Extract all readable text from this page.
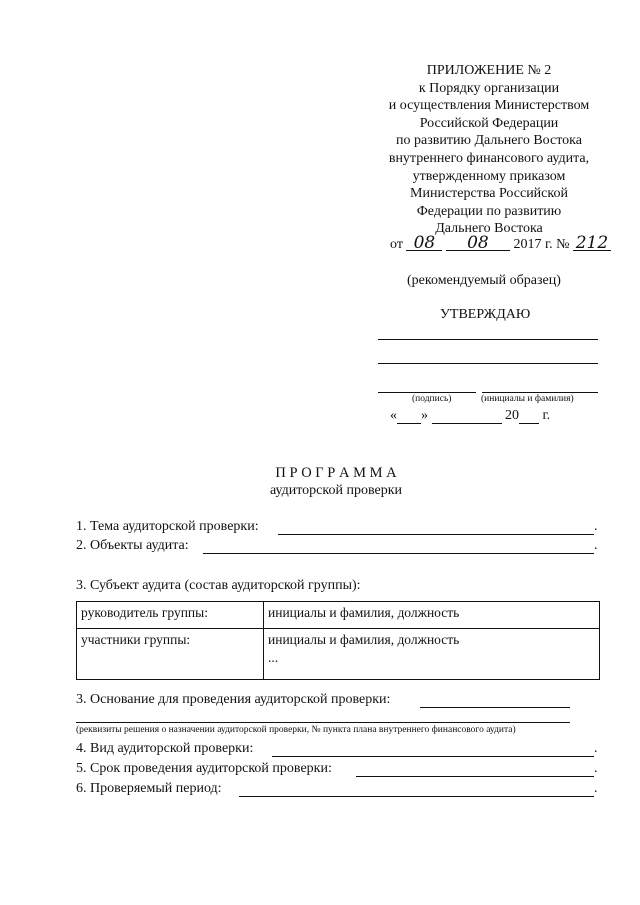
ПРИЛОЖЕНИЕ № 2
к Порядку организации
и осуществления Министерством
Российской Федерации
по развитию Дальнего Востока
внутреннего финансового аудита,
утвержденному приказом
Министерства Российской
Федерации по развитию
Дальнего Востока
от 08 08 2017 г. № 212
(рекомендуемый образец)
УТВЕРЖДАЮ
(подпись)	(инициалы и фамилия)
« »	20 г.
П Р О Г Р А М М А
аудиторской проверки
1. Тема аудиторской проверки:	.
2. Объекты аудита:	.
3. Субъект аудита (состав аудиторской группы):
руководитель группы:	инициалы и фамилия, должность
участники группы:	инициалы и фамилия, должность
...
3. Основание для проведения аудиторской проверки:
(реквизиты решения о назначении аудиторской проверки, № пункта плана внутреннего финансового аудита)
4. Вид аудиторской проверки:	.
5. Срок проведения аудиторской проверки:	.
6. Проверяемый период:	.
